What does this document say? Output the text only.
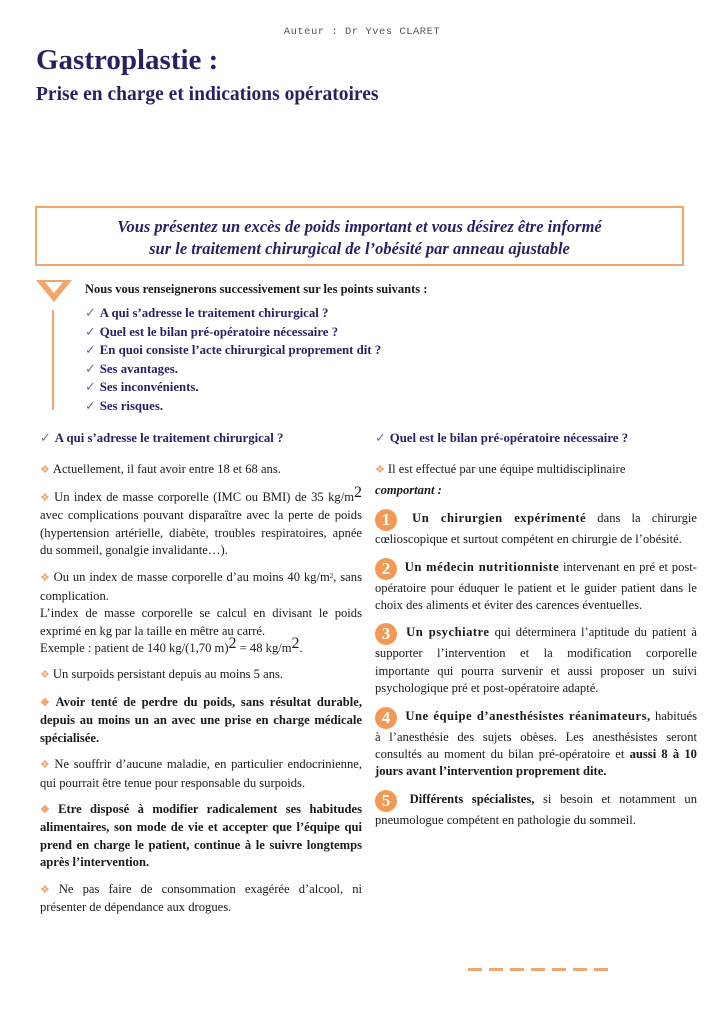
Auteur : Dr Yves CLARET
Gastroplastie :
Prise en charge et indications opératoires
Vous présentez un excès de poids important et vous désirez être informé
sur le traitement chirurgical de l’obésité par anneau ajustable
Nous vous renseignerons successivement sur les points suivants :
✓ A qui s’adresse le traitement chirurgical ?
✓ Quel est le bilan pré-opératoire nécessaire ?
✓ En quoi consiste l’acte chirurgical proprement dit ?
✓ Ses avantages.
✓ Ses inconvénients.
✓ Ses risques.
✓ A qui s’adresse le traitement chirurgical ?

❖ Actuellement, il faut avoir entre 18 et 68 ans.

❖ Un index de masse corporelle (IMC ou BMI) de 35 kg/m2 avec complications pouvant disparaître avec la perte de poids (hypertension artérielle, diabète, troubles respiratoires, apnée du sommeil, gonalgie invalidante…).

❖ Ou un index de masse corporelle d’au moins 40 $kg/m^2$, sans complication.
L’index de masse corporelle se calcul en divisant le poids exprimé en kg par la taille en mêtre au carré.
Exemple : patient de 140 kg/(1,70 m)2 = 48 kg/m2.

❖ Un surpoids persistant depuis au moins 5 ans.

❖ Avoir tenté de perdre du poids, sans résultat durable, depuis au moins un an avec une prise en charge médicale spécialisée.

❖ Ne souffrir d’aucune maladie, en particulier endocrinienne, qui pourrait être tenue pour responsable du surpoids.

❖ Etre disposé à modifier radicalement ses habitudes alimentaires, son mode de vie et accepter que l’équipe qui prend en charge le patient, continue à le suivre longtemps après l’intervention.

❖ Ne pas faire de consommation exagérée d’alcool, ni présenter de dépendance aux drogues.

✓ Quel est le bilan pré-opératoire nécessaire ?

❖ Il est effectué par une équipe multidisciplinaire

comportant :

1 Un chirurgien expérimenté dans la chirurgie cœlioscopique et surtout compétent en chirurgie de l’obésité.

2 Un médecin nutritionniste intervenant en pré et post-opératoire pour éduquer le patient et le guider patient dans le choix des aliments et éviter des carences éventuelles.

3 Un psychiatre qui déterminera l’aptitude du patient à supporter l’intervention et la modification corporelle importante qui pourra survenir et aussi proposer un suivi psychologique pré et post-opératoire adapté.

4 Une équipe d’anesthésistes réanimateurs, habitués à l’anesthésie des sujets obèses. Les anesthésistes seront consultés au moment du bilan pré-opératoire et aussi 8 à 10 jours avant l’intervention proprement dite.

5 Différents spécialistes, si besoin et notamment un pneumologue compétent en pathologie du sommeil.
